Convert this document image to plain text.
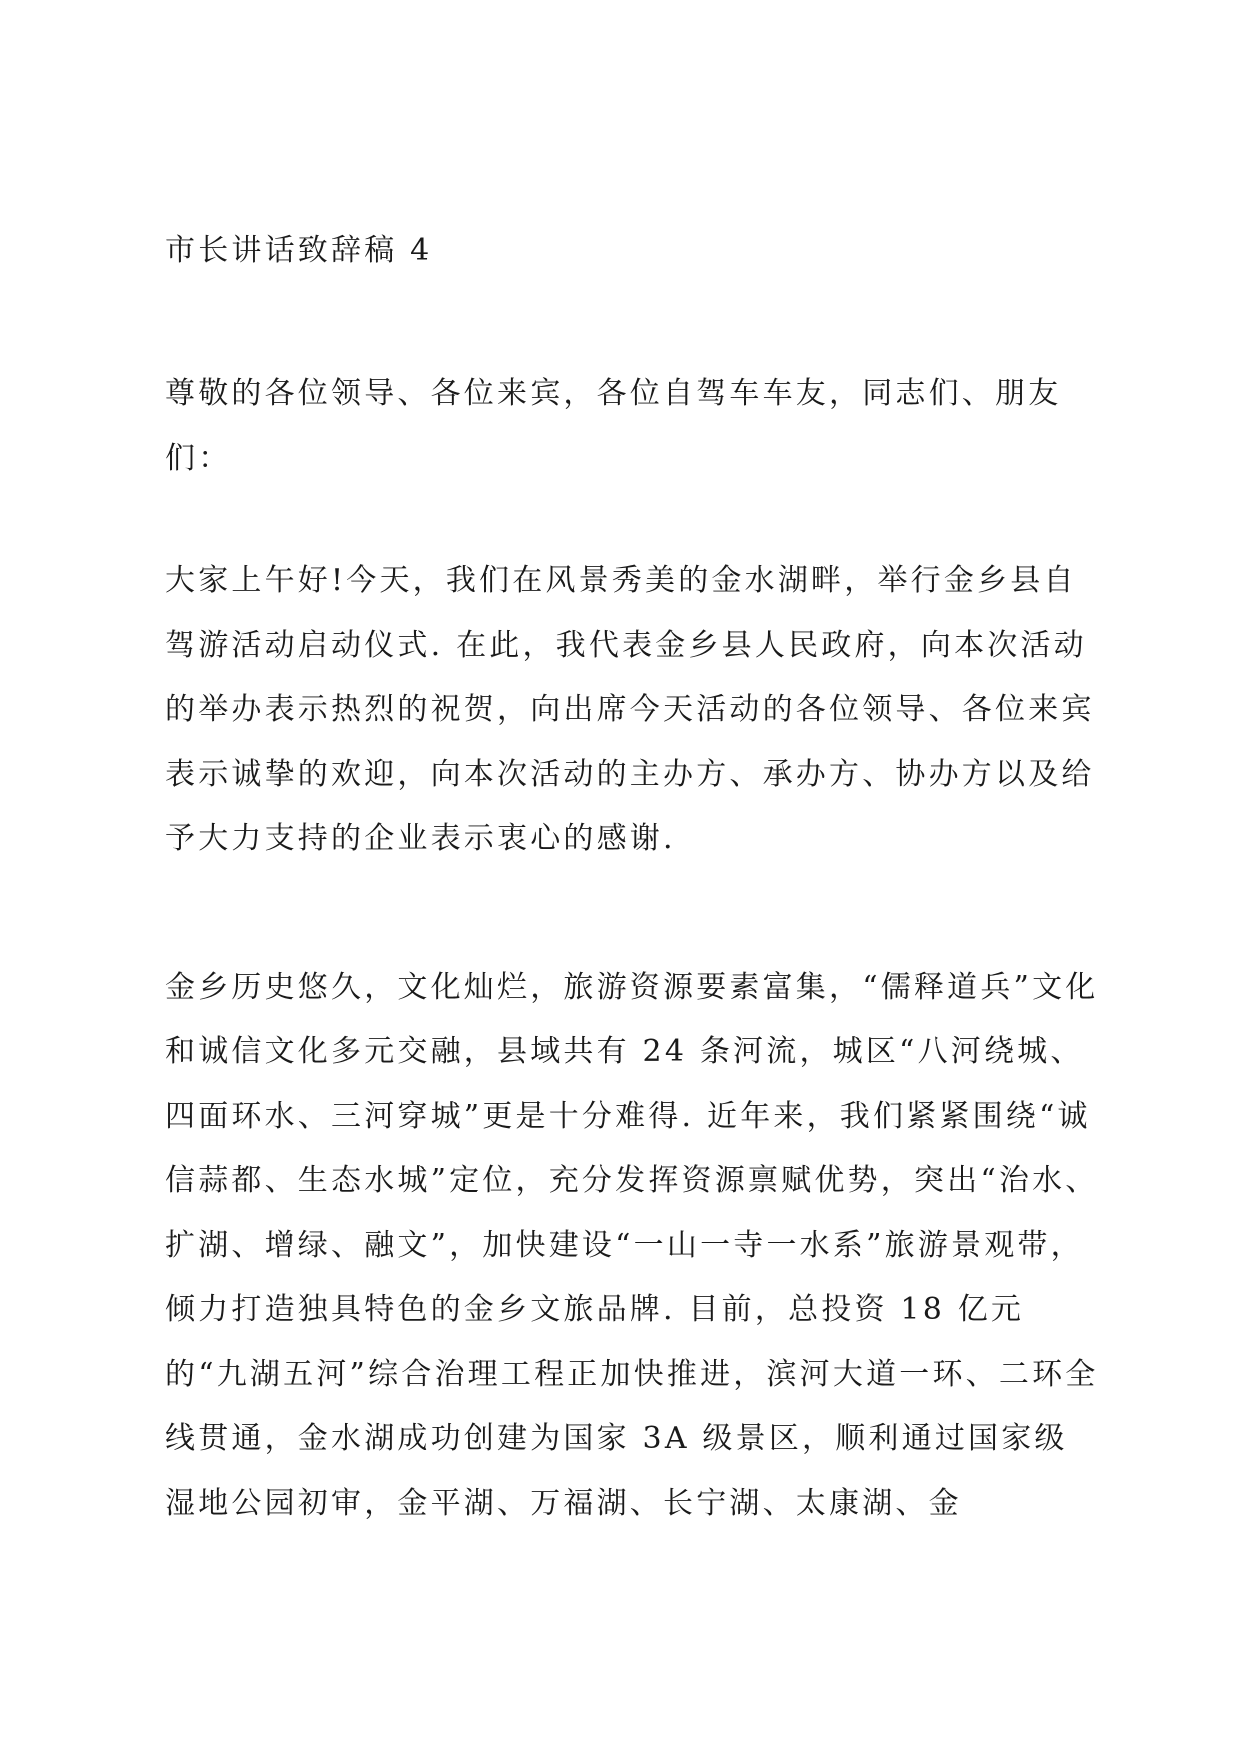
市长讲话致辞稿 4

尊敬的各位领导、各位来宾，各位自驾车车友，同志们、朋友们：

大家上午好!今天，我们在风景秀美的金水湖畔，举行金乡县自驾游活动启动仪式. 在此，我代表金乡县人民政府，向本次活动的举办表示热烈的祝贺，向出席今天活动的各位领导、各位来宾表示诚挚的欢迎，向本次活动的主办方、承办方、协办方以及给予大力支持的企业表示衷心的感谢.

金乡历史悠久，文化灿烂，旅游资源要素富集，“儒释道兵”文化和诚信文化多元交融，县域共有 24 条河流，城区“八河绕城、四面环水、三河穿城”更是十分难得. 近年来，我们紧紧围绕“诚信蒜都、生态水城”定位，充分发挥资源禀赋优势，突出“治水、扩湖、增绿、融文”，加快建设“一山一寺一水系”旅游景观带，倾力打造独具特色的金乡文旅品牌. 目前，总投资 18 亿元的“九湖五河”综合治理工程正加快推进，滨河大道一环、二环全线贯通，金水湖成功创建为国家 3A 级景区，顺利通过国家级湿地公园初审，金平湖、万福湖、长宁湖、太康湖、金
